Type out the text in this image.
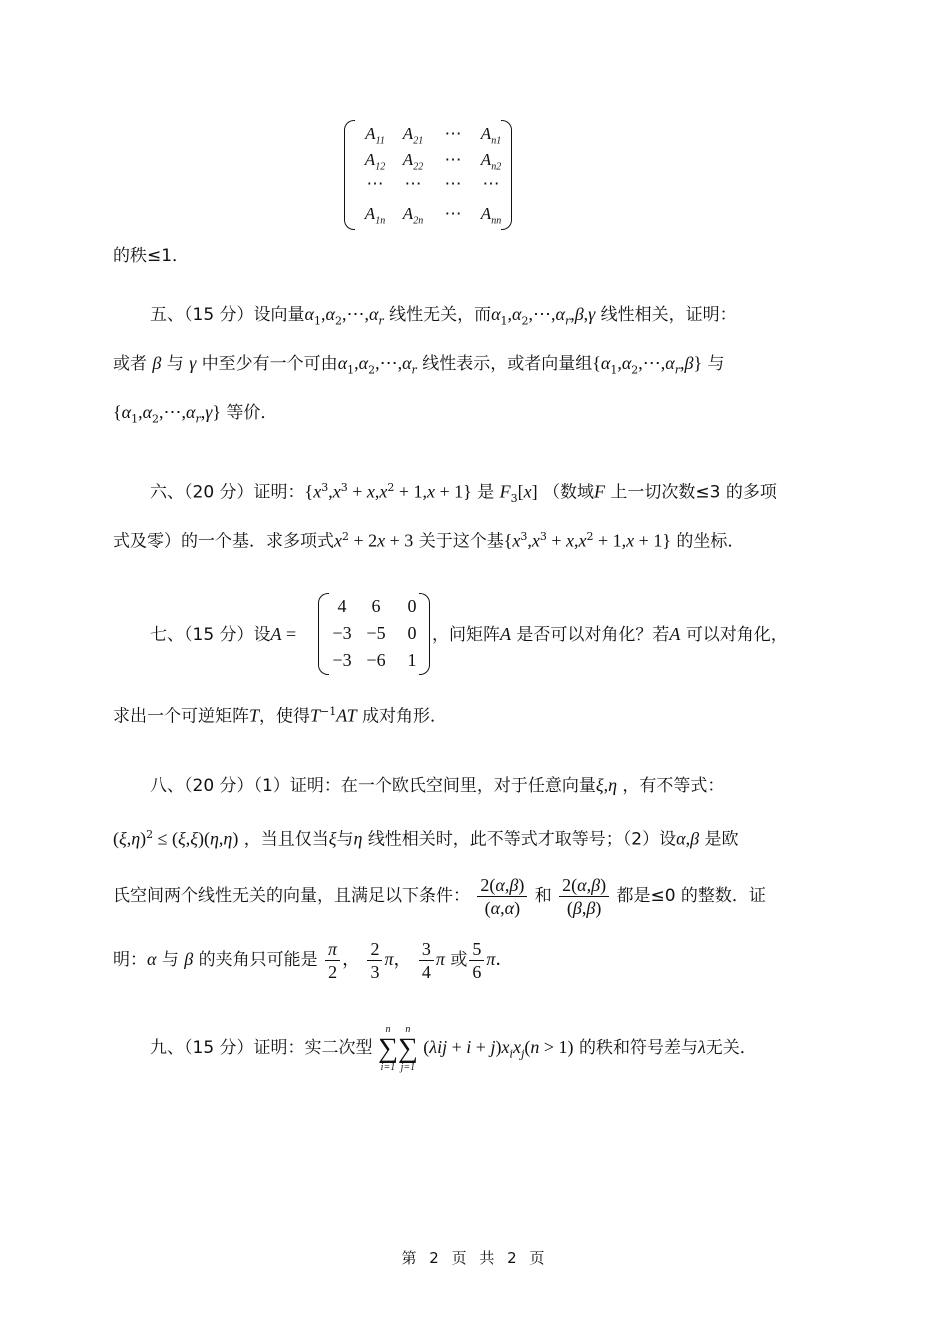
$A_{11}$	$A_{21}$	⋯	$A_{n1}$
$A_{12}$	$A_{22}$	⋯	$A_{n2}$
⋯	⋯	⋯	⋯
$A_{1n}$	$A_{2n}$	⋯	$A_{nn}$
的秩≤1．
五、（15 分）设向量$\alpha_1,\alpha_2,\cdots,\alpha_r$ 线性无关，而$\alpha_1,\alpha_2,\cdots,\alpha_r,\beta,\gamma$ 线性相关，证明：
或者 β 与 γ 中至少有一个可由$\alpha_1,\alpha_2,\cdots,\alpha_r$ 线性表示，或者向量组$\{\alpha_1,\alpha_2,\cdots,\alpha_r,\beta\}$ 与
$\{\alpha_1,\alpha_2,\cdots,\alpha_r,\gamma\}$ 等价．
六、（20 分）证明：$\{x^3,x^3 + x,x^2 + 1,x + 1\}$ 是 $F_3[x]$ （数域F 上一切次数≤3 的多项
式及零）的一个基．求多项式$x^2 + 2x + 3$ 关于这个基$\{x^3,x^3 + x,x^2 + 1,x + 1\}$ 的坐标．
七、（15 分）设A =
4	6	0
−3 −5	0
−3 −6	1
，问矩阵A 是否可以对角化？若A 可以对角化，
求出一个可逆矩阵T，使得$T^{-1}AT$ 成对角形．
八、（20 分）（1）证明：在一个欧氏空间里，对于任意向量ξ,η ，有不等式：
$(\xi,\eta)^2 \le (\xi,\xi)(\eta,\eta)$ ，当且仅当ξ与η 线性相关时，此不等式才取等号；（2）设α,β 是欧
氏空间两个线性无关的向量，且满足以下条件： $\frac{2(\alpha,\beta)}{(\alpha,\alpha)}$ 和 $\frac{2(\alpha,\beta)}{(\beta,\beta)}$ 都是≤0 的整数．证
明：α 与 β 的夹角只可能是 $\frac{\pi}{2}$ ， $\frac{2}{3}$ π， $\frac{3}{4}$ π 或 $\frac{5}{6}$ π．
九、（15 分）证明：实二次型
n
∑
i=1
n
∑
j=1
$(\lambda ij + i + j)x_ix_j(n > 1)$ 的秩和符号差与λ无关．
第 2 页 共 2 页
